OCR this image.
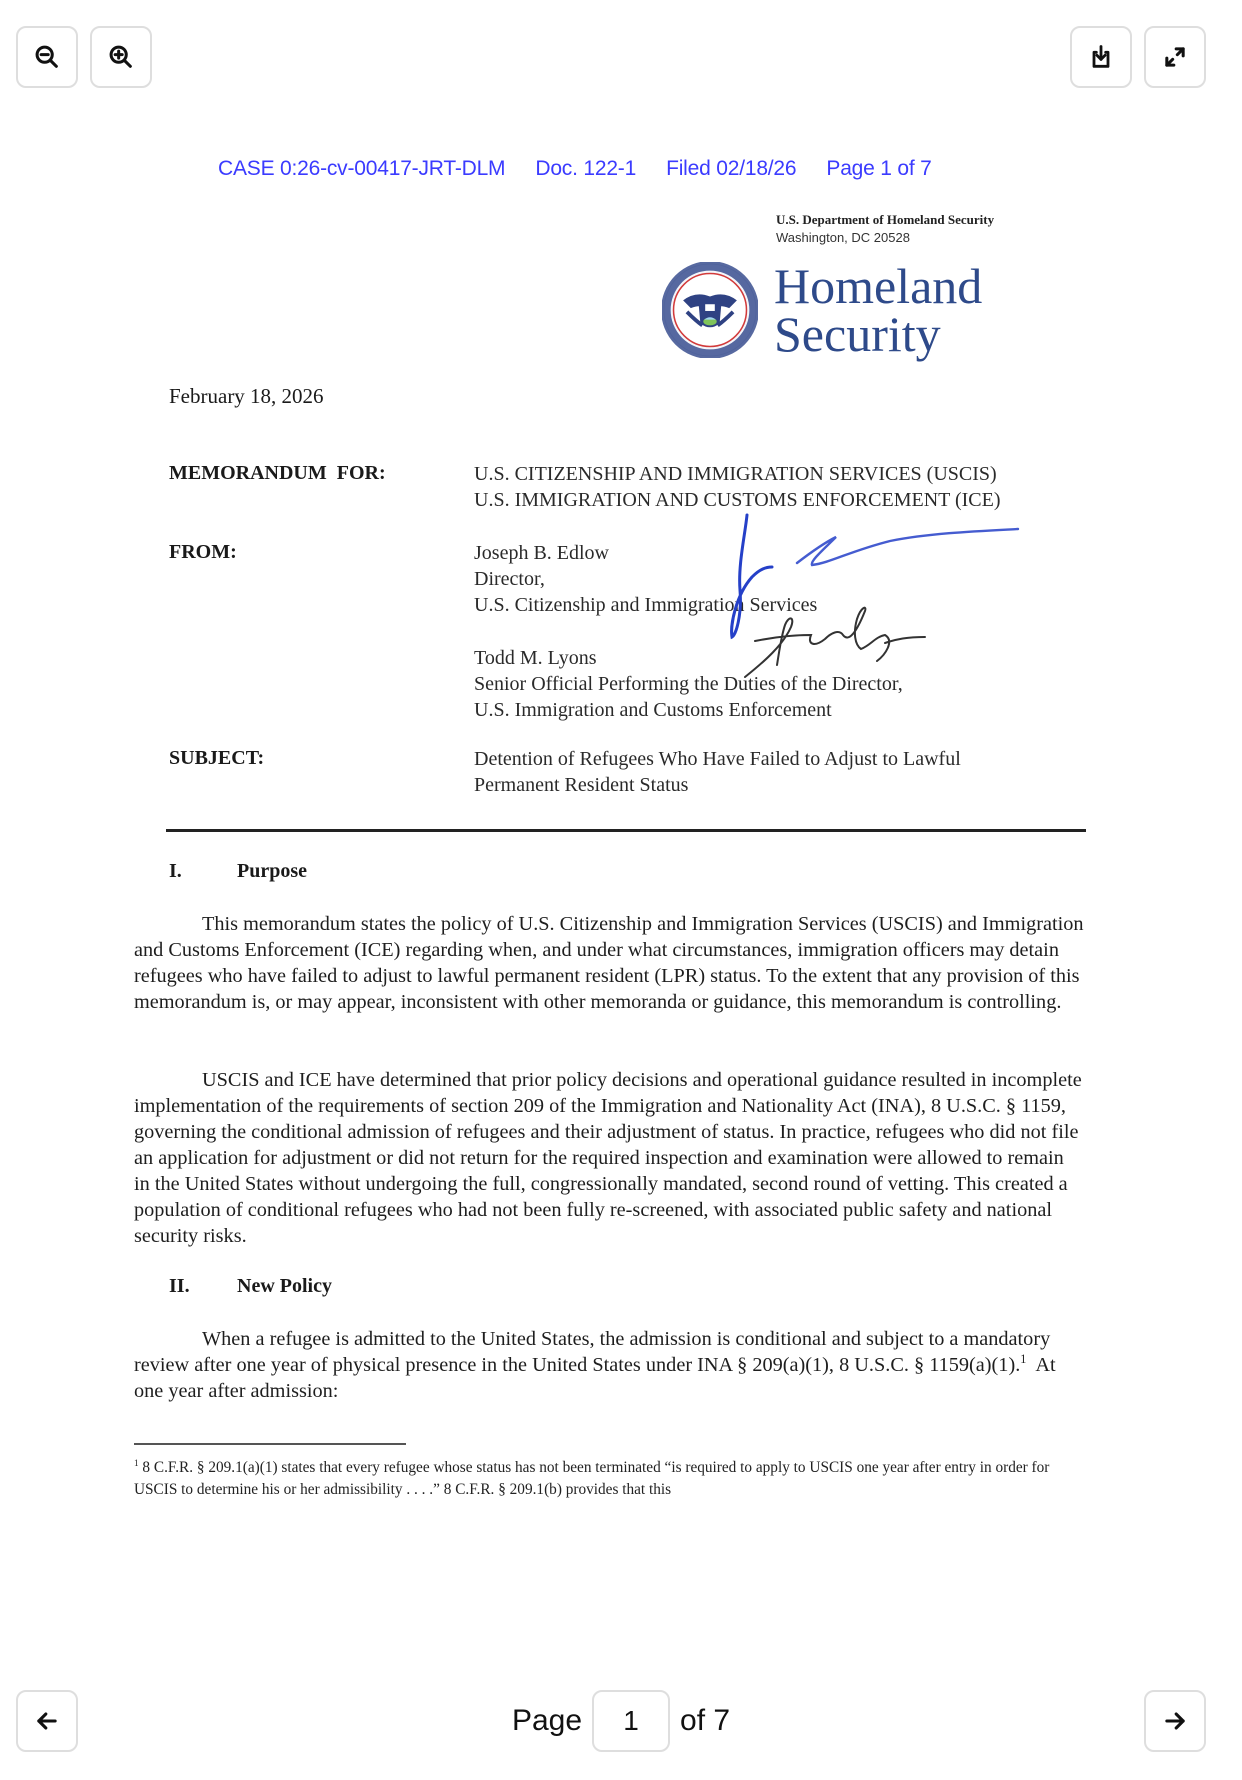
CASE 0:26-cv-00417-JRT-DLM Doc. 122-1 Filed 02/18/26 Page 1 of 7
U.S. Department of Homeland Security
Washington, DC 20528
Homeland
Security
February 18, 2026
MEMORANDUM  FOR:	U.S. CITIZENSHIP AND IMMIGRATION SERVICES (USCIS)
U.S. IMMIGRATION AND CUSTOMS ENFORCEMENT (ICE)
FROM:	Joseph B. Edlow
Director,
U.S. Citizenship and Immigration Services
Todd M. Lyons
Senior Official Performing the Duties of the Director,
U.S. Immigration and Customs Enforcement
SUBJECT:	Detention of Refugees Who Have Failed to Adjust to Lawful
Permanent Resident Status
I.	Purpose
This memorandum states the policy of U.S. Citizenship and Immigration Services (USCIS) and Immigration and Customs Enforcement (ICE) regarding when, and under what circumstances, immigration officers may detain refugees who have failed to adjust to lawful permanent resident (LPR) status. To the extent that any provision of this memorandum is, or may appear, inconsistent with other memoranda or guidance, this memorandum is controlling.
USCIS and ICE have determined that prior policy decisions and operational guidance resulted in incomplete implementation of the requirements of section 209 of the Immigration and Nationality Act (INA), 8 U.S.C. § 1159, governing the conditional admission of refugees and their adjustment of status. In practice, refugees who did not file an application for adjustment or did not return for the required inspection and examination were allowed to remain in the United States without undergoing the full, congressionally mandated, second round of vetting. This created a population of conditional refugees who had not been fully re-screened, with associated public safety and national security risks.
II. New Policy
When a refugee is admitted to the United States, the admission is conditional and subject to a mandatory review after one year of physical presence in the United States under INA § 209(a)(1), 8 U.S.C. § 1159(a)(1).$^1$  At one year after admission:
$^1$ 8 C.F.R. § 209.1(a)(1) states that every refugee whose status has not been terminated “is required to apply to USCIS one year after entry in order for USCIS to determine his or her admissibility . . . .” 8 C.F.R. § 209.1(b) provides that this
Page
1	of 7
